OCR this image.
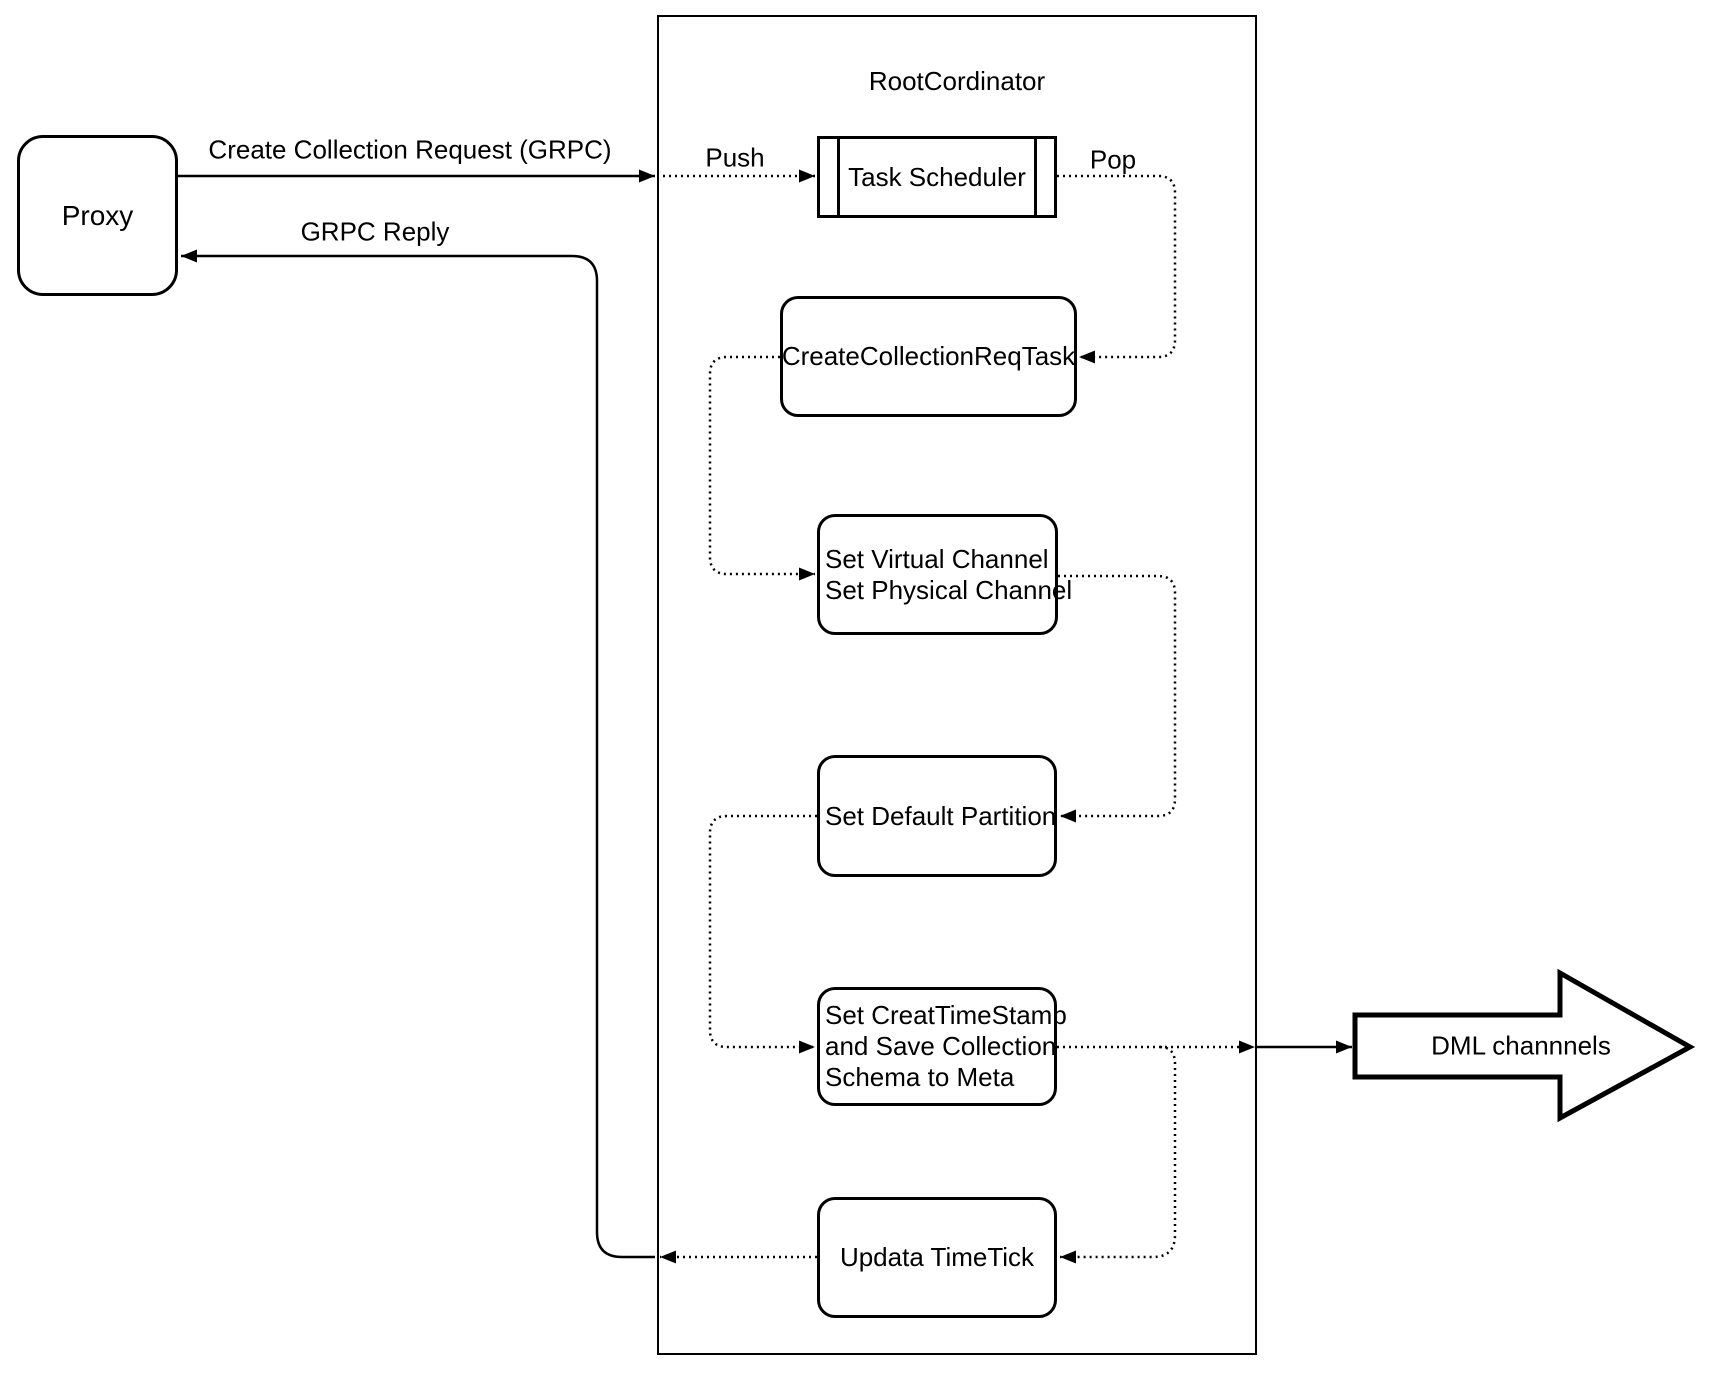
RootCordinator
Proxy
Task Scheduler
CreateCollectionReqTask
Set Virtual Channel
Set Physical Channel
Set Default Partition
Set CreatTimeStamp
and Save Collection
Schema to Meta
Updata TimeTick
Create Collection Request (GRPC)
GRPC Reply
Push	Pop
DML channnels
